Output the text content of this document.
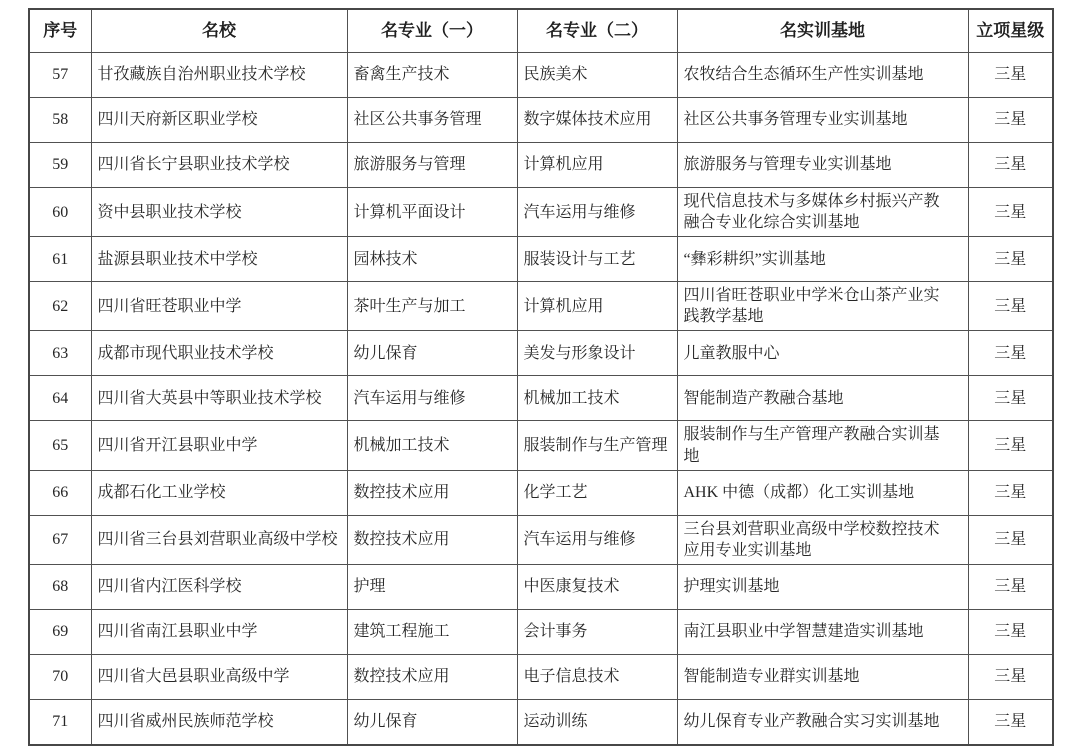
序号	名校	名专业（一）	名专业（二）	名实训基地	立项星级
57	甘孜藏族自治州职业技术学校	畜禽生产技术	民族美术	农牧结合生态循环生产性实训基地	三星
58	四川天府新区职业学校	社区公共事务管理	数字媒体技术应用	社区公共事务管理专业实训基地	三星
59	四川省长宁县职业技术学校	旅游服务与管理	计算机应用	旅游服务与管理专业实训基地	三星
60	资中县职业技术学校	计算机平面设计	汽车运用与维修	现代信息技术与多媒体乡村振兴产教融合专业化综合实训基地	三星
61	盐源县职业技术中学校	园林技术	服装设计与工艺	“彝彩耕织”实训基地	三星
62	四川省旺苍职业中学	茶叶生产与加工	计算机应用	四川省旺苍职业中学米仓山茶产业实践教学基地	三星
63	成都市现代职业技术学校	幼儿保育	美发与形象设计	儿童教服中心	三星
64	四川省大英县中等职业技术学校	汽车运用与维修	机械加工技术	智能制造产教融合基地	三星
65	四川省开江县职业中学	机械加工技术	服装制作与生产管理	服装制作与生产管理产教融合实训基地	三星
66	成都石化工业学校	数控技术应用	化学工艺	AHK 中德（成都）化工实训基地	三星
67	四川省三台县刘营职业高级中学校	数控技术应用	汽车运用与维修	三台县刘营职业高级中学校数控技术应用专业实训基地	三星
68	四川省内江医科学校	护理	中医康复技术	护理实训基地	三星
69	四川省南江县职业中学	建筑工程施工	会计事务	南江县职业中学智慧建造实训基地	三星
70	四川省大邑县职业高级中学	数控技术应用	电子信息技术	智能制造专业群实训基地	三星
71	四川省威州民族师范学校	幼儿保育	运动训练	幼儿保育专业产教融合实习实训基地	三星
